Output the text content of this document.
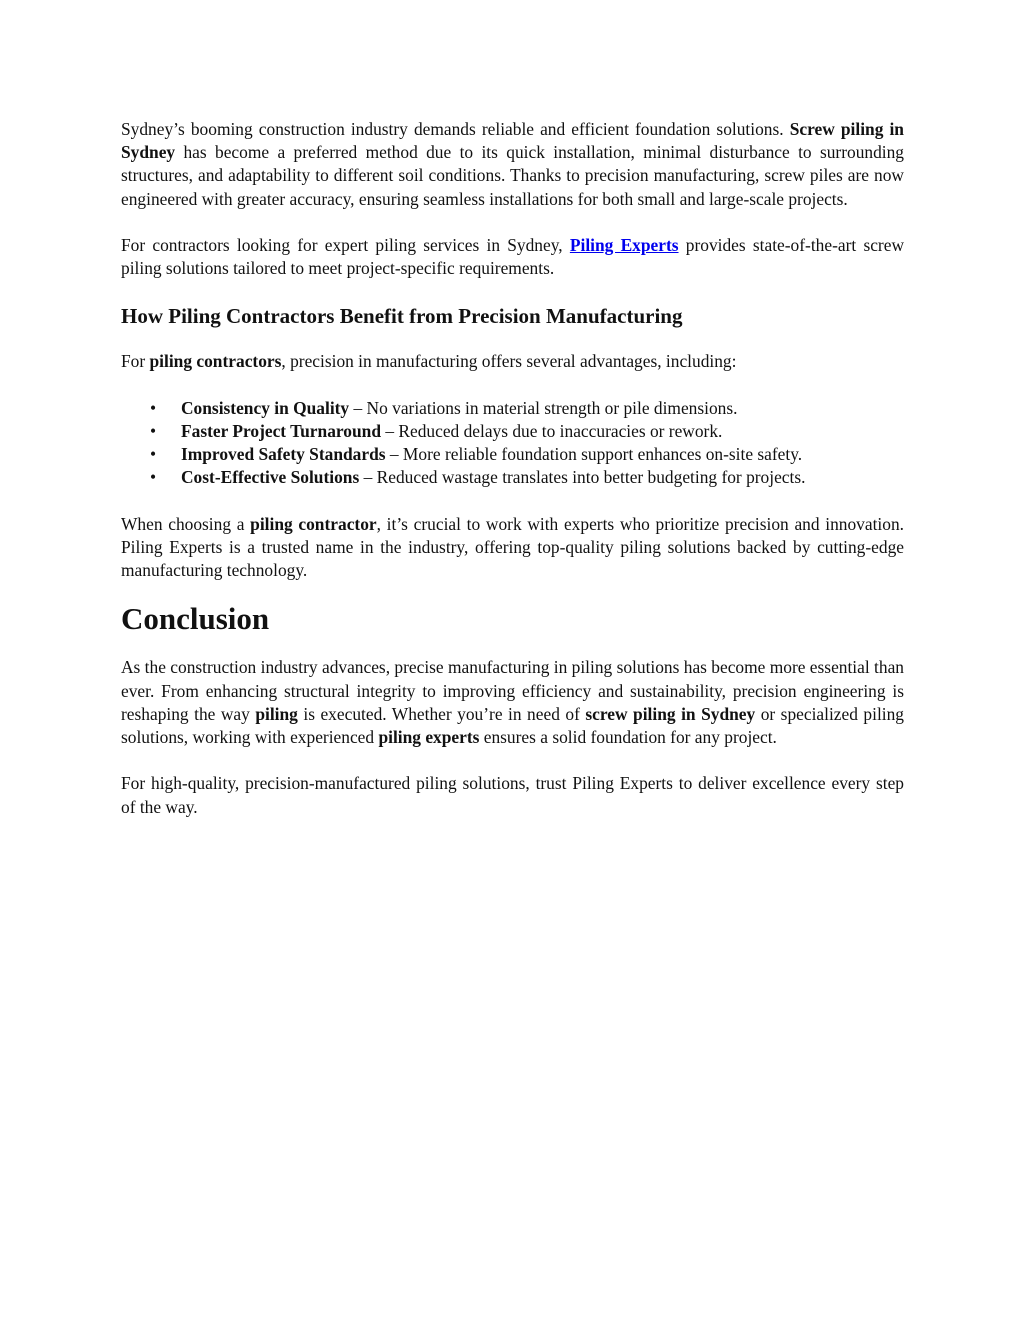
Sydney’s booming construction industry demands reliable and efficient foundation solutions. Screw piling in Sydney has become a preferred method due to its quick installation, minimal disturbance to surrounding structures, and adaptability to different soil conditions. Thanks to precision manufacturing, screw piles are now engineered with greater accuracy, ensuring seamless installations for both small and large-scale projects.

For contractors looking for expert piling services in Sydney, Piling Experts provides state-of-the-art screw piling solutions tailored to meet project-specific requirements.

How Piling Contractors Benefit from Precision Manufacturing

For piling contractors, precision in manufacturing offers several advantages, including:

• Consistency in Quality – No variations in material strength or pile dimensions.
• Faster Project Turnaround – Reduced delays due to inaccuracies or rework.
• Improved Safety Standards – More reliable foundation support enhances on-site safety.
• Cost-Effective Solutions – Reduced wastage translates into better budgeting for projects.

When choosing a piling contractor, it’s crucial to work with experts who prioritize precision and innovation. Piling Experts is a trusted name in the industry, offering top-quality piling solutions backed by cutting-edge manufacturing technology.

Conclusion

As the construction industry advances, precise manufacturing in piling solutions has become more essential than ever. From enhancing structural integrity to improving efficiency and sustainability, precision engineering is reshaping the way piling is executed. Whether you’re in need of screw piling in Sydney or specialized piling solutions, working with experienced piling experts ensures a solid foundation for any project.

For high-quality, precision-manufactured piling solutions, trust Piling Experts to deliver excellence every step of the way.
